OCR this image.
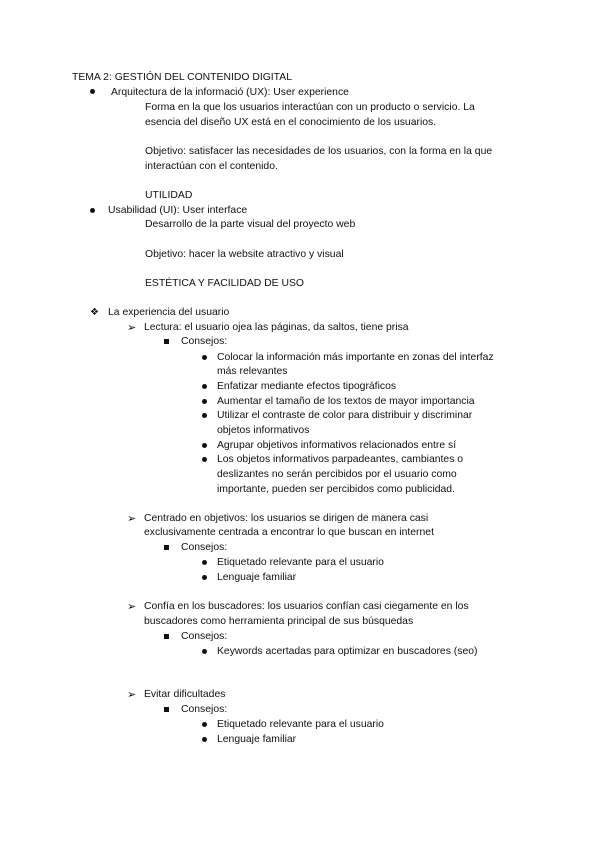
TEMA 2: GESTIÓN DEL CONTENIDO DIGITAL
Arquitectura de la informació (UX): User experience
Forma en la que los usuarios interactúan con un producto o servicio. La
esencia del diseño UX está en el conocimiento de los usuarios.
Objetivo: satisfacer las necesidades de los usuarios, con la forma en la que
interactúan con el contenido.
UTILIDAD
Usabilidad (UI): User interface
Desarrollo de la parte visual del proyecto web
Objetivo: hacer la website atractivo y visual
ESTÉTICA Y FACILIDAD DE USO
❖ La experiencia del usuario
➢ Lectura: el usuario ojea las páginas, da saltos, tiene prisa
Consejos:
Colocar la información más importante en zonas del interfaz
más relevantes
Enfatizar mediante efectos tipográficos
Aumentar el tamaño de los textos de mayor importancia
Utilizar el contraste de color para distribuir y discriminar
objetos informativos
Agrupar objetivos informativos relacionados entre sí
Los objetos informativos parpadeantes, cambiantes o
deslizantes no serán percibidos por el usuario como
importante, pueden ser percibidos como publicidad.
➢ Centrado en objetivos: los usuarios se dirigen de manera casi
exclusivamente centrada a encontrar lo que buscan en internet
Consejos:
Etiquetado relevante para el usuario
Lenguaje familiar
➢ Confía en los buscadores: los usuarios confían casi ciegamente en los
buscadores como herramienta principal de sus búsquedas
Consejos:
Keywords acertadas para optimizar en buscadores (seo)
➢ Evitar dificultades
Consejos:
Etiquetado relevante para el usuario
Lenguaje familiar
